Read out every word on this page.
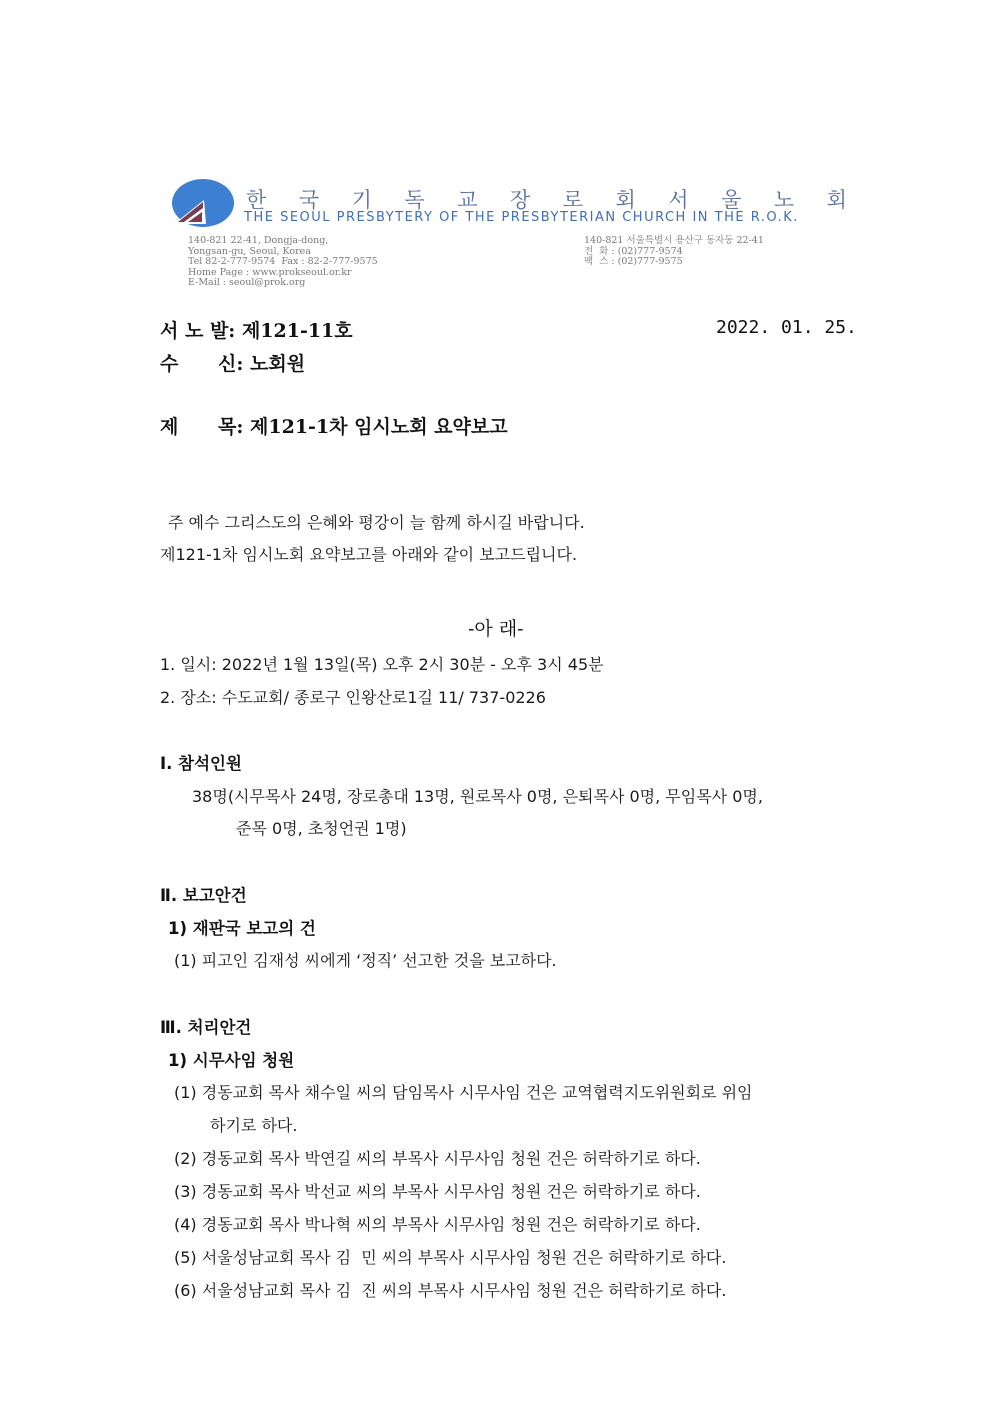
한국기독교장로회서울노회
THE SEOUL PRESBYTERY OF THE PRESBYTERIAN CHURCH IN THE R.O.K.
140-821 22-41, Dongja-dong,
Yongsan-gu, Seoul, Korea
Tel 82-2-777-9574  Fax : 82-2-777-9575
Home Page : www.prokseoul.or.kr
E-Mail : seoul@prok.org
140-821 서울특별시 용산구 동자동 22-41
전  화 : (02)777-9574
팩  스 : (02)777-9575
서 노 발: 제121-11호	2022. 01. 25.
수      신: 노회원
제      목: 제121-1차 임시노회 요약보고
주 예수 그리스도의 은혜와 평강이 늘 함께 하시길 바랍니다.
제121-1차 임시노회 요약보고를 아래와 같이 보고드립니다.
-아 래-
1. 일시: 2022년 1월 13일(목) 오후 2시 30분 - 오후 3시 45분
2. 장소: 수도교회/ 종로구 인왕산로1길 11/ 737-0226
Ⅰ. 참석인원
38명(시무목사 24명, 장로총대 13명, 원로목사 0명, 은퇴목사 0명, 무임목사 0명,
준목 0명, 초청언권 1명)
Ⅱ. 보고안건
1) 재판국 보고의 건
(1) 피고인 김재성 씨에게 ‘정직’ 선고한 것을 보고하다.
Ⅲ. 처리안건
1) 시무사임 청원
(1) 경동교회 목사 채수일 씨의 담임목사 시무사임 건은 교역협력지도위원회로 위임
하기로 하다.
(2) 경동교회 목사 박연길 씨의 부목사 시무사임 청원 건은 허락하기로 하다.
(3) 경동교회 목사 박선교 씨의 부목사 시무사임 청원 건은 허락하기로 하다.
(4) 경동교회 목사 박나혁 씨의 부목사 시무사임 청원 건은 허락하기로 하다.
(5) 서울성남교회 목사 김  민 씨의 부목사 시무사임 청원 건은 허락하기로 하다.
(6) 서울성남교회 목사 김  진 씨의 부목사 시무사임 청원 건은 허락하기로 하다.
